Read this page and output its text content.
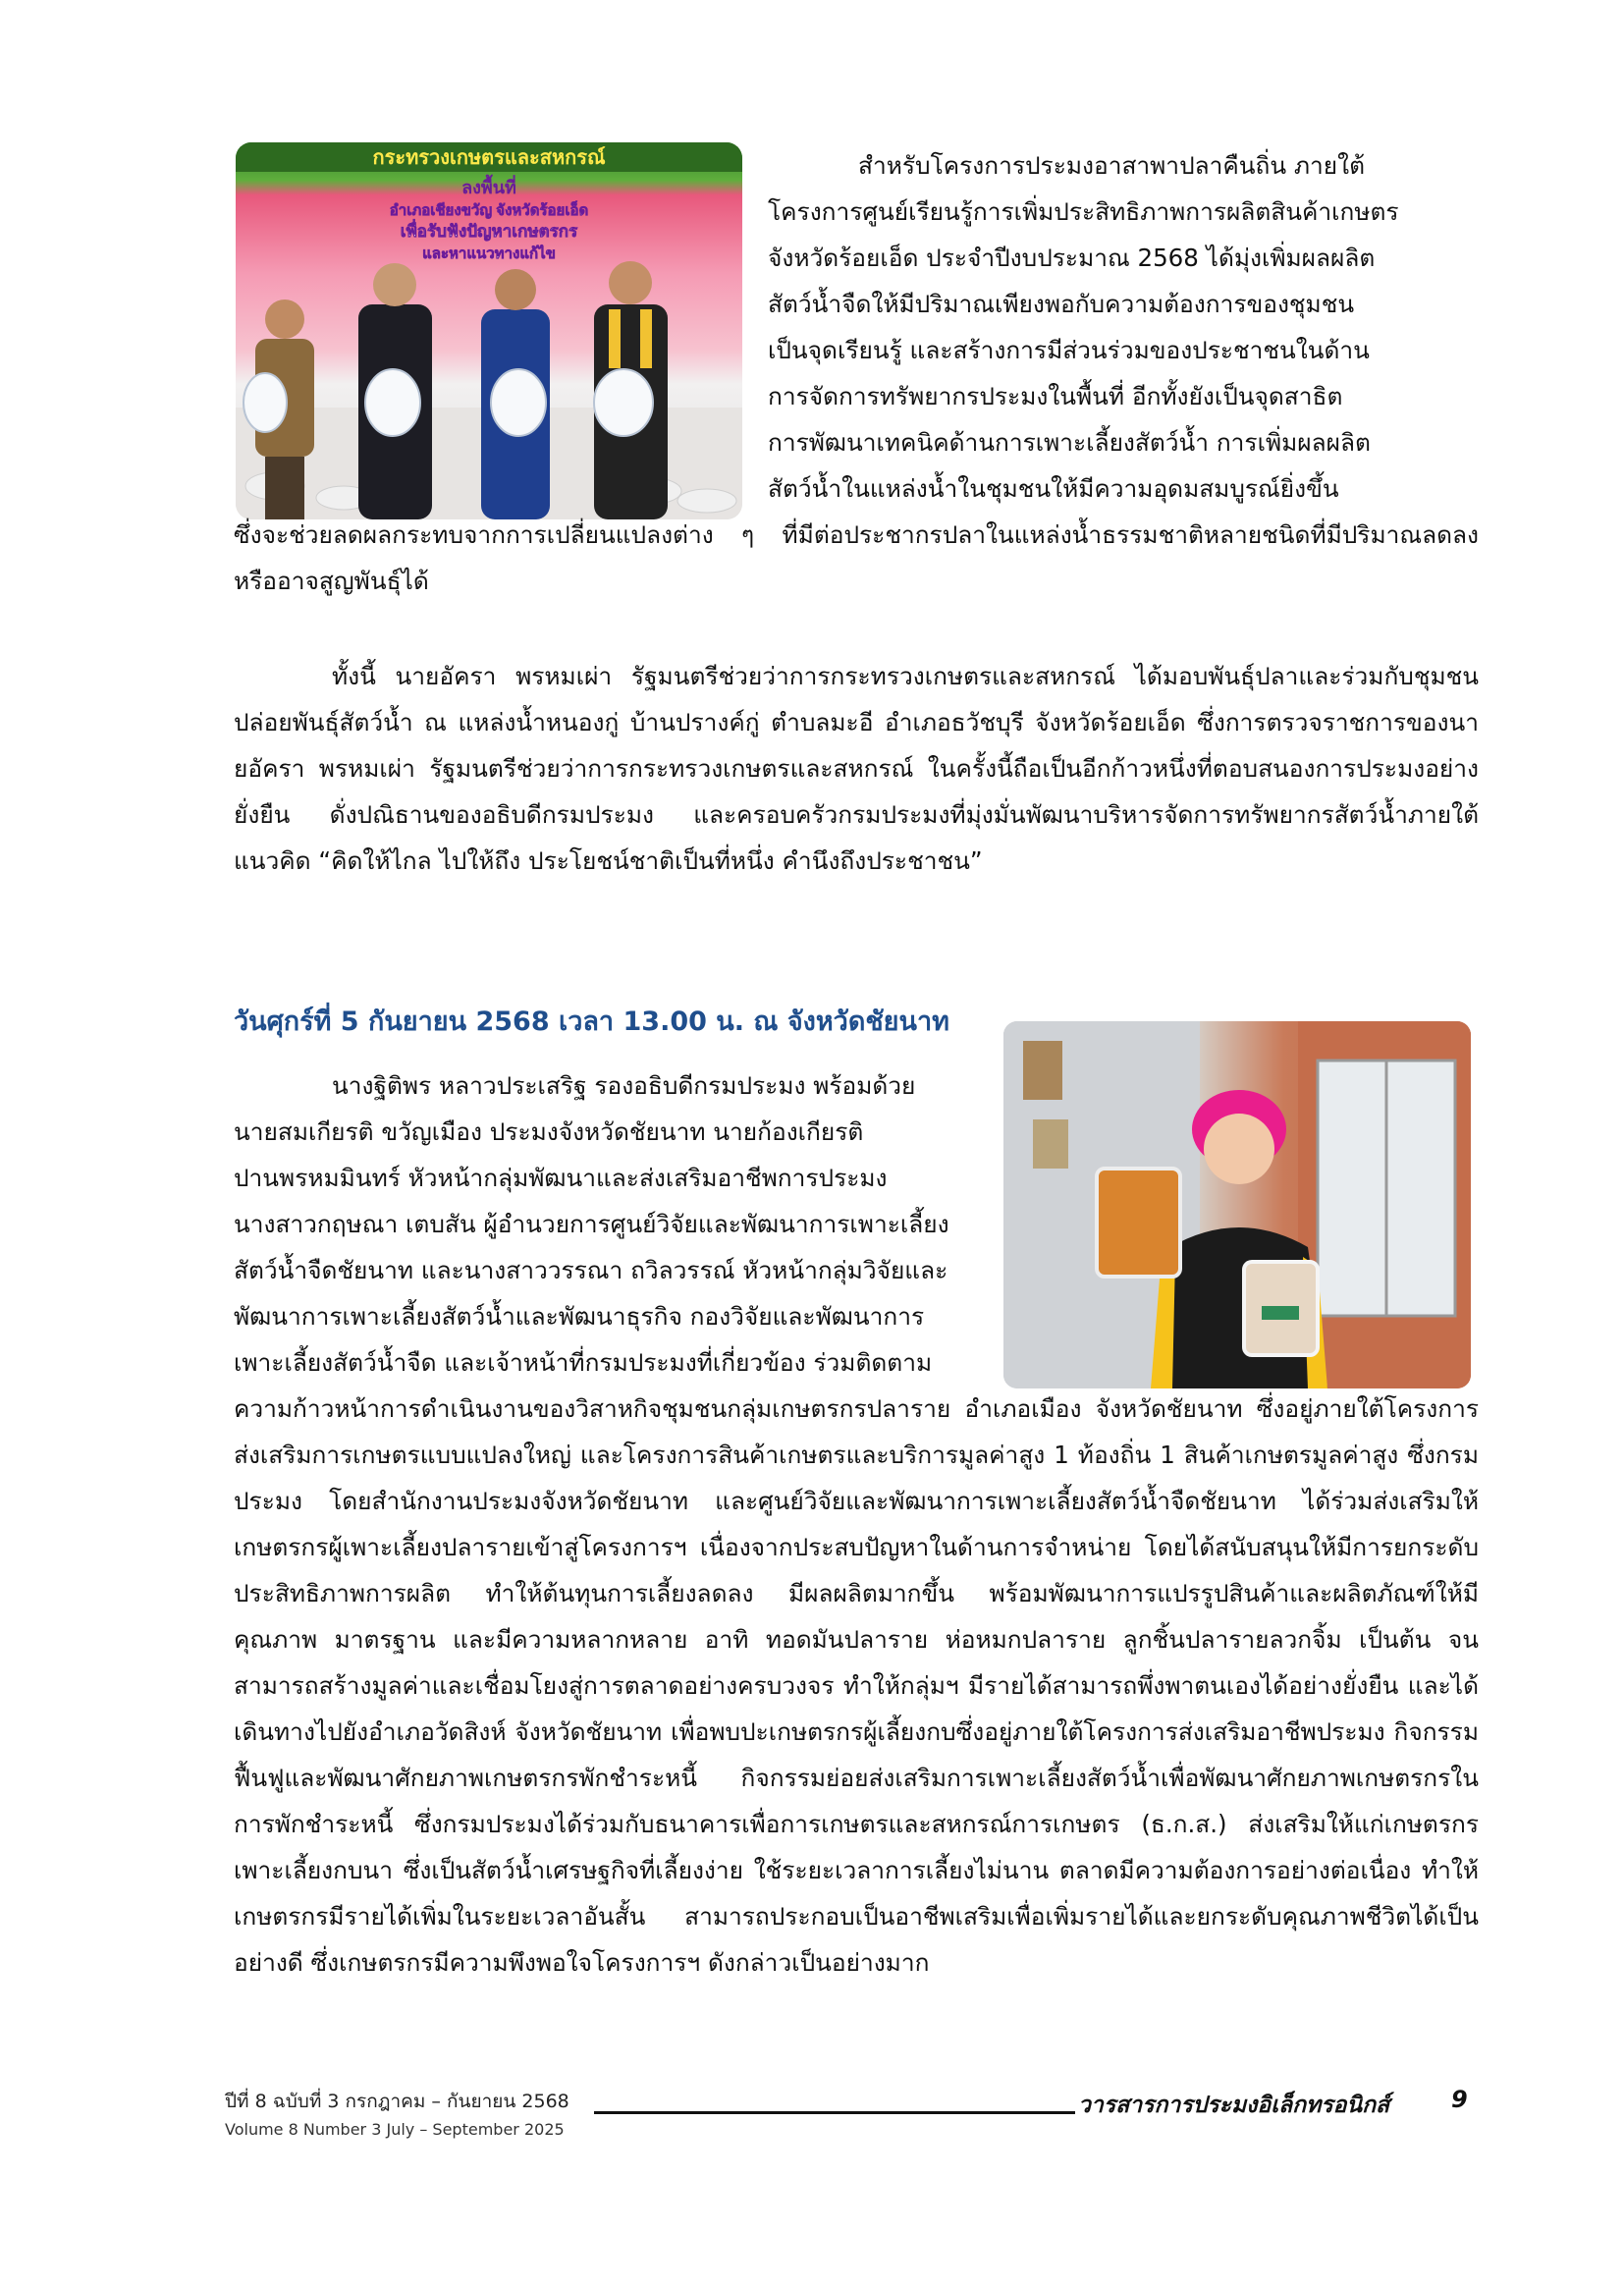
กระทรวงเกษตรและสหกรณ์
ลงพื้นที่
อำเภอเชียงขวัญ จังหวัดร้อยเอ็ด
เพื่อรับฟังปัญหาเกษตรกร
และหาแนวทางแก้ไข
สำหรับโครงการประมงอาสาพาปลาคืนถิ่น ภายใต้
โครงการศูนย์เรียนรู้การเพิ่มประสิทธิภาพการผลิตสินค้าเกษตร
จังหวัดร้อยเอ็ด ประจำปีงบประมาณ 2568 ได้มุ่งเพิ่มผลผลิต
สัตว์น้ำจืดให้มีปริมาณเพียงพอกับความต้องการของชุมชน
เป็นจุดเรียนรู้ และสร้างการมีส่วนร่วมของประชาชนในด้าน
การจัดการทรัพยากรประมงในพื้นที่ อีกทั้งยังเป็นจุดสาธิต
การพัฒนาเทคนิคด้านการเพาะเลี้ยงสัตว์น้ำ การเพิ่มผลผลิต
สัตว์น้ำในแหล่งน้ำในชุมชนให้มีความอุดมสมบูรณ์ยิ่งขึ้น

ซึ่งจะช่วยลดผลกระทบจากการเปลี่ยนแปลงต่าง ๆ ที่มีต่อประชากรปลาในแหล่งน้ำธรรมชาติหลายชนิดที่มีปริมาณลดลงหรืออาจสูญพันธุ์ได้

ทั้งนี้ นายอัครา พรหมเผ่า รัฐมนตรีช่วยว่าการกระทรวงเกษตรและสหกรณ์ ได้มอบพันธุ์ปลาและร่วมกับชุมชนปล่อยพันธุ์สัตว์น้ำ ณ แหล่งน้ำหนองกู่ บ้านปรางค์กู่ ตำบลมะอี อำเภอธวัชบุรี จังหวัดร้อยเอ็ด ซึ่งการตรวจราชการของนายอัครา พรหมเผ่า รัฐมนตรีช่วยว่าการกระทรวงเกษตรและสหกรณ์ ในครั้งนี้ถือเป็นอีกก้าวหนึ่งที่ตอบสนองการประมงอย่างยั่งยืน ดั่งปณิธานของอธิบดีกรมประมง และครอบครัวกรมประมงที่มุ่งมั่นพัฒนาบริหารจัดการทรัพยากรสัตว์น้ำภายใต้แนวคิด “คิดให้ไกล ไปให้ถึง ประโยชน์ชาติเป็นที่หนึ่ง คำนึงถึงประชาชน”

วันศุกร์ที่ 5 กันยายน 2568 เวลา 13.00 น. ณ จังหวัดชัยนาท
นางฐิติพร หลาวประเสริฐ รองอธิบดีกรมประมง พร้อมด้วย
นายสมเกียรติ ขวัญเมือง ประมงจังหวัดชัยนาท นายก้องเกียรติ
ปานพรหมมินทร์ หัวหน้ากลุ่มพัฒนาและส่งเสริมอาชีพการประมง
นางสาวกฤษณา เตบสัน ผู้อำนวยการศูนย์วิจัยและพัฒนาการเพาะเลี้ยง
สัตว์น้ำจืดชัยนาท และนางสาววรรณา ถวิลวรรณ์ หัวหน้ากลุ่มวิจัยและ
พัฒนาการเพาะเลี้ยงสัตว์น้ำและพัฒนาธุรกิจ กองวิจัยและพัฒนาการ
เพาะเลี้ยงสัตว์น้ำจืด และเจ้าหน้าที่กรมประมงที่เกี่ยวข้อง ร่วมติดตาม

ความก้าวหน้าการดำเนินงานของวิสาหกิจชุมชนกลุ่มเกษตรกรปลาราย อำเภอเมือง จังหวัดชัยนาท ซึ่งอยู่ภายใต้โครงการส่งเสริมการเกษตรแบบแปลงใหญ่ และโครงการสินค้าเกษตรและบริการมูลค่าสูง 1 ท้องถิ่น 1 สินค้าเกษตรมูลค่าสูง ซึ่งกรมประมง โดยสำนักงานประมงจังหวัดชัยนาท และศูนย์วิจัยและพัฒนาการเพาะเลี้ยงสัตว์น้ำจืดชัยนาท ได้ร่วมส่งเสริมให้เกษตรกรผู้เพาะเลี้ยงปลารายเข้าสู่โครงการฯ เนื่องจากประสบปัญหาในด้านการจำหน่าย โดยได้สนับสนุนให้มีการยกระดับประสิทธิภาพการผลิต ทำให้ต้นทุนการเลี้ยงลดลง มีผลผลิตมากขึ้น พร้อมพัฒนาการแปรรูปสินค้าและผลิตภัณฑ์ให้มีคุณภาพ มาตรฐาน และมีความหลากหลาย อาทิ ทอดมันปลาราย ห่อหมกปลาราย ลูกชิ้นปลารายลวกจิ้ม เป็นต้น จนสามารถสร้างมูลค่าและเชื่อมโยงสู่การตลาดอย่างครบวงจร ทำให้กลุ่มฯ มีรายได้สามารถพึ่งพาตนเองได้อย่างยั่งยืน และได้เดินทางไปยังอำเภอวัดสิงห์ จังหวัดชัยนาท เพื่อพบปะเกษตรกรผู้เลี้ยงกบซึ่งอยู่ภายใต้โครงการส่งเสริมอาชีพประมง กิจกรรมฟื้นฟูและพัฒนาศักยภาพเกษตรกรพักชำระหนี้ กิจกรรมย่อยส่งเสริมการเพาะเลี้ยงสัตว์น้ำเพื่อพัฒนาศักยภาพเกษตรกรในการพักชำระหนี้ ซึ่งกรมประมงได้ร่วมกับธนาคารเพื่อการเกษตรและสหกรณ์การเกษตร (ธ.ก.ส.) ส่งเสริมให้แก่เกษตรกรเพาะเลี้ยงกบนา ซึ่งเป็นสัตว์น้ำเศรษฐกิจที่เลี้ยงง่าย ใช้ระยะเวลาการเลี้ยงไม่นาน ตลาดมีความต้องการอย่างต่อเนื่อง ทำให้เกษตรกรมีรายได้เพิ่มในระยะเวลาอันสั้น สามารถประกอบเป็นอาชีพเสริมเพื่อเพิ่มรายได้และยกระดับคุณภาพชีวิตได้เป็นอย่างดี ซึ่งเกษตรกรมีความพึงพอใจโครงการฯ ดังกล่าวเป็นอย่างมาก

ปีที่ 8 ฉบับที่ 3 กรกฎาคม – กันยายน 2568
Volume 8 Number 3 July – September 2025
วารสารการประมงอิเล็กทรอนิกส์	9
